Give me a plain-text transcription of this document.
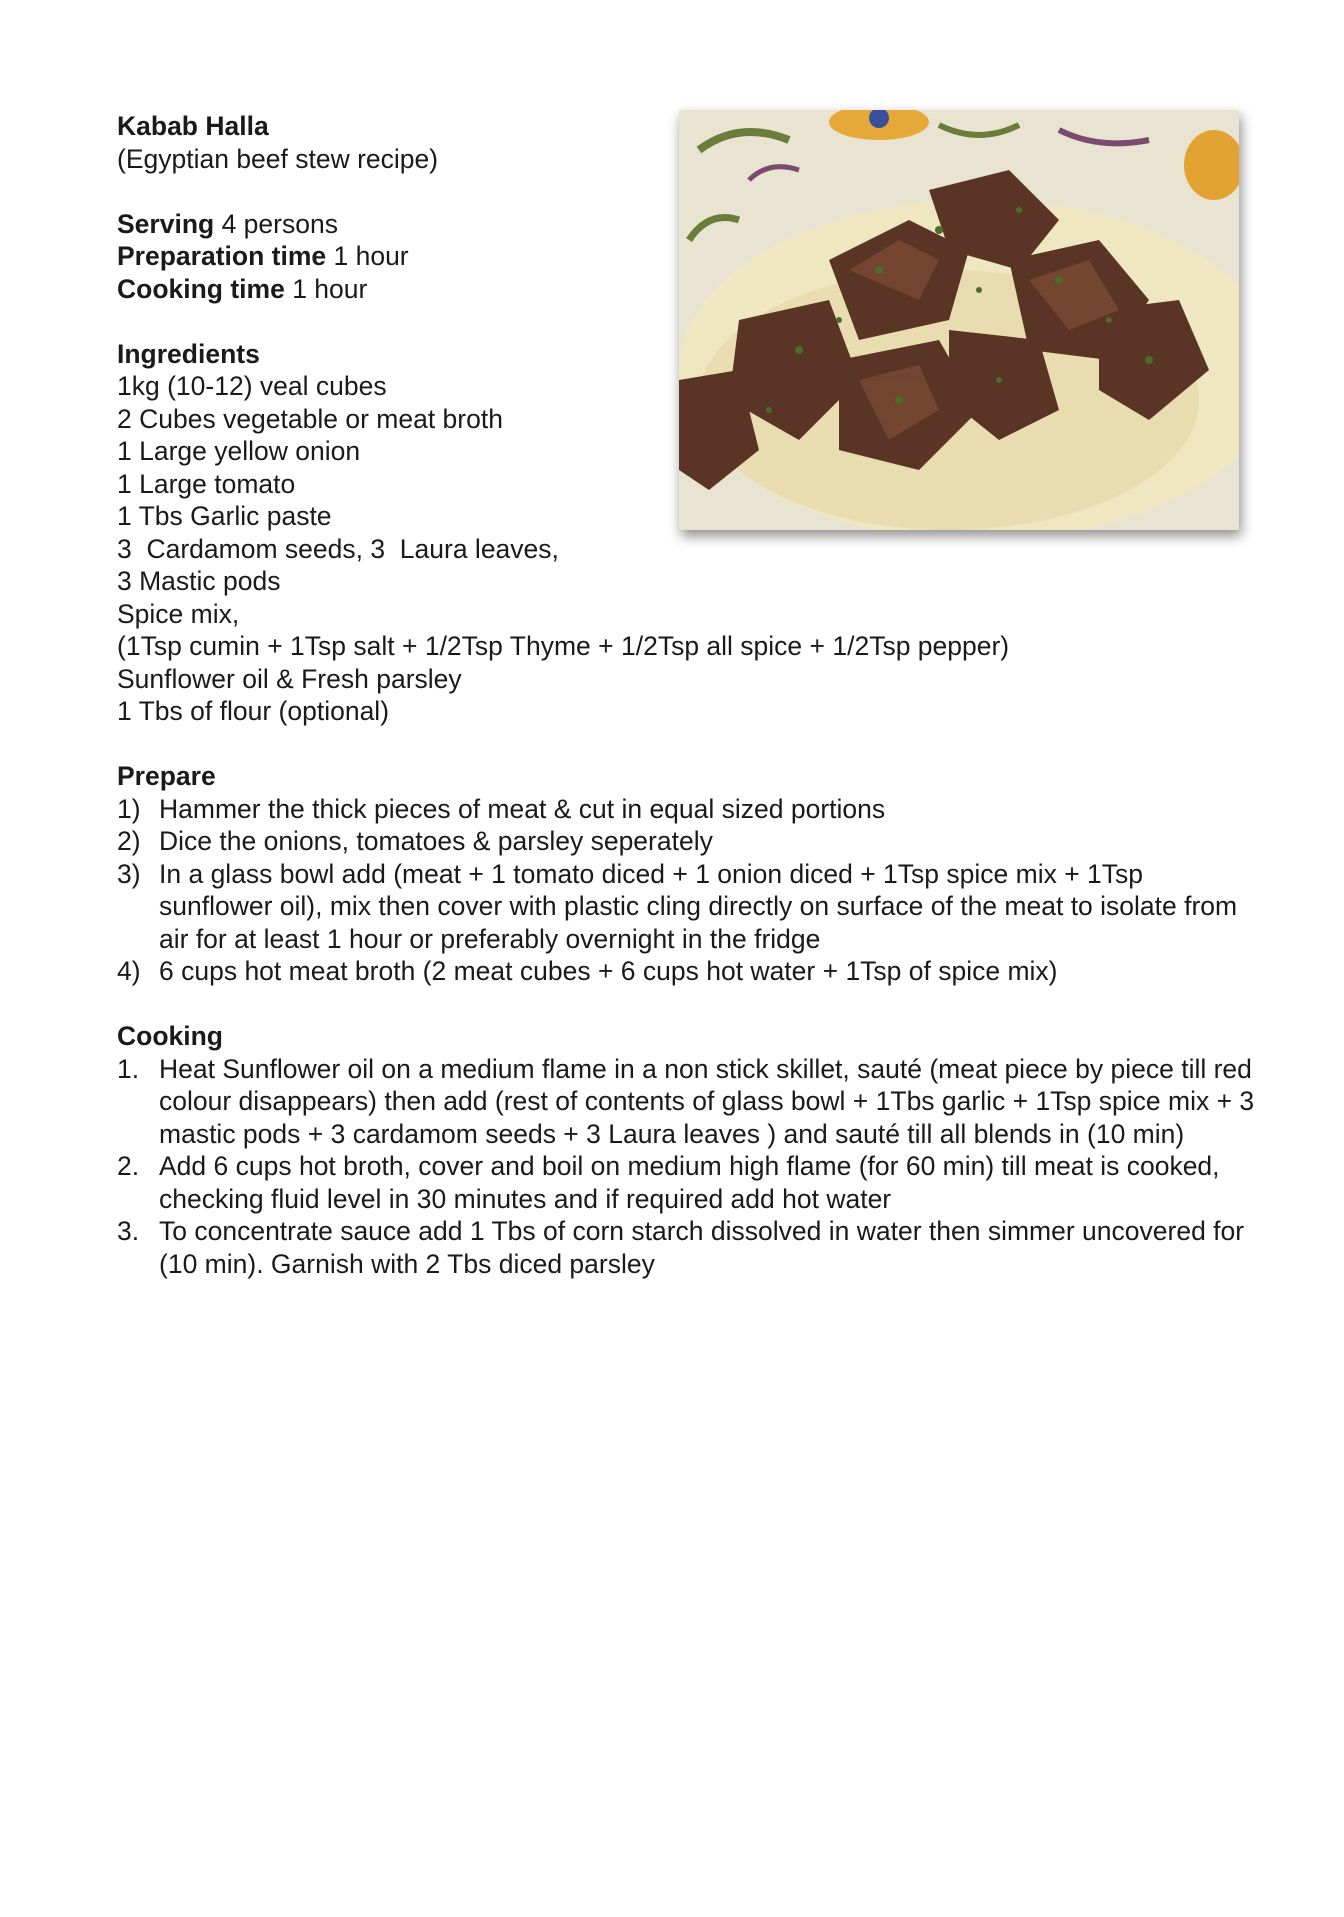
Kabab Halla
(Egyptian beef stew recipe)
Serving 4 persons
Preparation time 1 hour
Cooking time 1 hour
Ingredients
1kg (10-12) veal cubes
2 Cubes vegetable or meat broth
1 Large yellow onion
1 Large tomato
1 Tbs Garlic paste
3  Cardamom seeds, 3  Laura leaves,
3 Mastic pods
Spice mix,
(1Tsp cumin + 1Tsp salt + 1/2Tsp Thyme + 1/2Tsp all spice + 1/2Tsp pepper)
Sunflower oil & Fresh parsley
1 Tbs of flour (optional)
Prepare
1) Hammer the thick pieces of meat & cut in equal sized portions
2) Dice the onions, tomatoes & parsley seperately
3) In a glass bowl add (meat + 1 tomato diced + 1 onion diced + 1Tsp spice mix + 1Tsp sunflower oil), mix then cover with plastic cling directly on surface of the meat to isolate from air for at least 1 hour or preferably overnight in the fridge
4) 6 cups hot meat broth (2 meat cubes + 6 cups hot water + 1Tsp of spice mix)
Cooking
1. Heat Sunflower oil on a medium flame in a non stick skillet, sauté (meat piece by piece till red colour disappears) then add (rest of contents of glass bowl + 1Tbs garlic + 1Tsp spice mix + 3 mastic pods + 3 cardamom seeds + 3 Laura leaves ) and sauté till all blends in (10 min)
2. Add 6 cups hot broth, cover and boil on medium high flame (for 60 min) till meat is cooked, checking fluid level in 30 minutes and if required add hot water
3. To concentrate sauce add 1 Tbs of corn starch dissolved in water then simmer uncovered for (10 min). Garnish with 2 Tbs diced parsley
